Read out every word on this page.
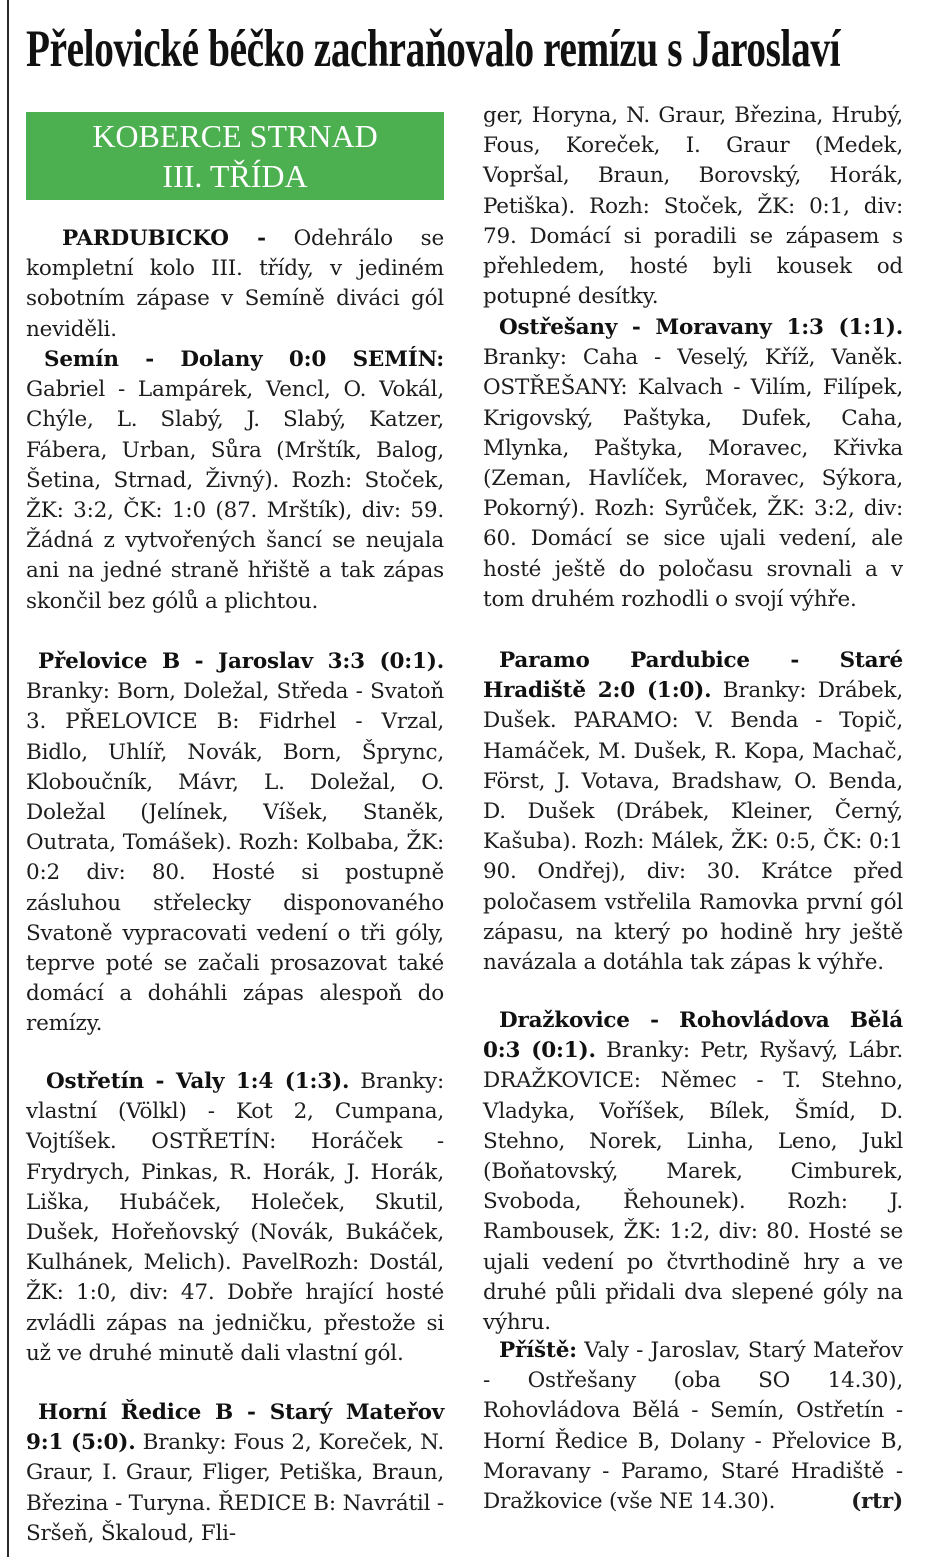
Přelovické béčko zachraňovalo remízu s Jaroslaví
KOBERCE STRNAD
III. TŘÍDA

PARDUBICKO - Odehrálo se kompletní kolo III. třídy, v jediném sobotním zápase v Semíně diváci gól neviděli.

Semín - Dolany 0:0 SEMÍN: Gabriel - Lampárek, Vencl, O. Vokál, Chýle, L. Slabý, J. Slabý, Katzer, Fábera, Urban, Sůra (Mrštík, Balog, Šetina, Strnad, Živný). Rozh: Stoček, ŽK: 3:2, ČK: 1:0 (87. Mrštík), div: 59. Žádná z vytvořených šancí se neujala ani na jedné straně hřiště a tak zápas skončil bez gólů a plichtou.

Přelovice B - Jaroslav 3:3 (0:1). Branky: Born, Doležal, Středa - Svatoň 3. PŘELOVICE B: Fidrhel - Vrzal, Bidlo, Uhlíř, Novák, Born, Šprync, Kloboučník, Mávr, L. Doležal, O. Doležal (Jelínek, Víšek, Staněk, Outrata, Tomášek). Rozh: Kolbaba, ŽK: 0:2 div: 80. Hosté si postupně zásluhou střelecky disponovaného Svatoně vypracovati vedení o tři góly, teprve poté se začali prosazovat také domácí a doháhli zápas alespoň do remízy.

Ostřetín - Valy 1:4 (1:3). Branky: vlastní (Völkl) - Kot 2, Cumpana, Vojtíšek. OSTŘETÍN: Horáček - Frydrych, Pinkas, R. Horák, J. Horák, Liška, Hubáček, Holeček, Skutil, Dušek, Hořeňovský (Novák, Bukáček, Kulhánek, Melich). PavelRozh: Dostál, ŽK: 1:0, div: 47. Dobře hrající hosté zvládli zápas na jedničku, přestože si už ve druhé minutě dali vlastní gól.

Horní Ředice B - Starý Mateřov 9:1 (5:0). Branky: Fous 2, Koreček, N. Graur, I. Graur, Fliger, Petiška, Braun, Březina - Turyna. ŘEDICE B: Navrátil - Sršeň, Škaloud, Fli-

Ostřešany - Moravany 1:3 (1:1). Branky: Caha - Veselý, Kříž, Vaněk. OSTŘEŠANY: Kalvach - Vilím, Filípek, Krigovský, Paštyka, Dufek, Caha, Mlynka, Paštyka, Moravec, Křivka (Zeman, Havlíček, Moravec, Sýkora, Pokorný). Rozh: Syrůček, ŽK: 3:2, div: 60. Domácí se sice ujali vedení, ale hosté ještě do poločasu srovnali a v tom druhém rozhodli o svojí výhře.

Paramo Pardubice - Staré Hradiště 2:0 (1:0). Branky: Drábek, Dušek. PARAMO: V. Benda - Topič, Hamáček, M. Dušek, R. Kopa, Machač, Först, J. Votava, Bradshaw, O. Benda, D. Dušek (Drábek, Kleiner, Černý, Kašuba). Rozh: Málek, ŽK: 0:5, ČK: 0:1 90. Ondřej), div: 30. Krátce před poločasem vstřelila Ramovka první gól zápasu, na který po hodině hry ještě navázala a dotáhla tak zápas k výhře.

Dražkovice - Rohovládova Bělá 0:3 (0:1). Branky: Petr, Ryšavý, Lábr. DRAŽKOVICE: Němec - T. Stehno, Vladyka, Voříšek, Bílek, Šmíd, D. Stehno, Norek, Linha, Leno, Jukl (Boňatovský, Marek, Cimburek, Svoboda, Řehounek). Rozh: J. Rambousek, ŽK: 1:2, div: 80. Hosté se ujali vedení po čtvrthodině hry a ve druhé půli přidali dva slepené góly na výhru.

Příště: Valy - Jaroslav, Starý Mateřov - Ostřešany (oba SO 14.30), Rohovládova Bělá - Semín, Ostřetín - Horní Ředice B, Dolany - Přelovice B, Moravany - Paramo, Staré Hradiště - Dražkovice (vše NE 14.30).	(rtr)

ger, Horyna, N. Graur, Březina, Hrubý, Fous, Koreček, I. Graur (Medek, Vopršal, Braun, Borovský, Horák, Petiška). Rozh: Stoček, ŽK: 0:1, div: 79. Domácí si poradili se zápasem s přehledem, hosté byli kousek od potupné desítky.
